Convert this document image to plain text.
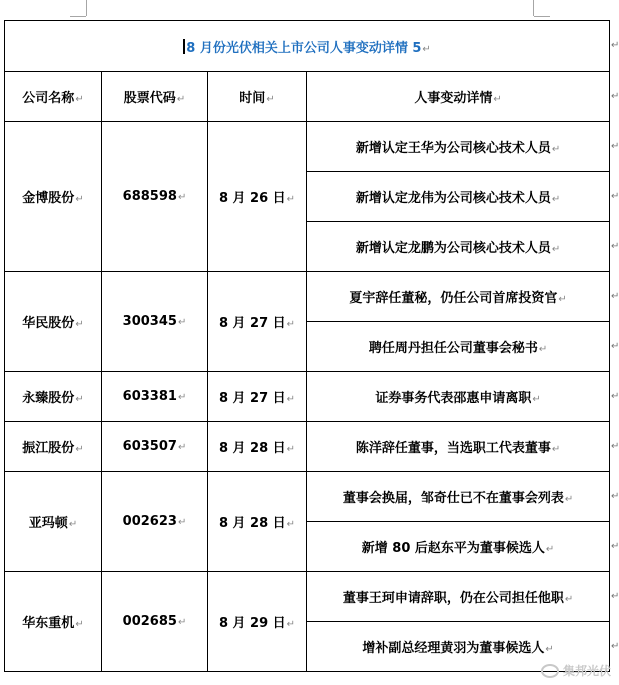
8 月份光伏相关上市公司人事变动详情 5↵			
公司名称↵	股票代码↵	时间↵	人事变动详情↵
金博股份↵	688598↵	8 月 26 日↵	新增认定王华为公司核心技术人员↵
			新增认定龙伟为公司核心技术人员↵
			新增认定龙鹏为公司核心技术人员↵
华民股份↵	300345↵	8 月 27 日↵	夏宇辞任董秘，仍任公司首席投资官↵
			聘任周丹担任公司董事会秘书↵
永臻股份↵	603381↵	8 月 27 日↵	证券事务代表邵惠申请离职↵
振江股份↵	603507↵	8 月 28 日↵	陈洋辞任董事，当选职工代表董事↵
亚玛顿↵	002623↵	8 月 28 日↵	董事会换届，邹奇仕已不在董事会列表↵
			新增 80 后赵东平为董事候选人↵
华东重机↵	002685↵	8 月 29 日↵	董事王珂申请辞职，仍在公司担任他职↵
			增补副总经理黄羽为董事候选人↵
↵
↵
↵
↵
↵
↵
↵
↵
↵
↵
↵
↵
↵
集邦光伏
